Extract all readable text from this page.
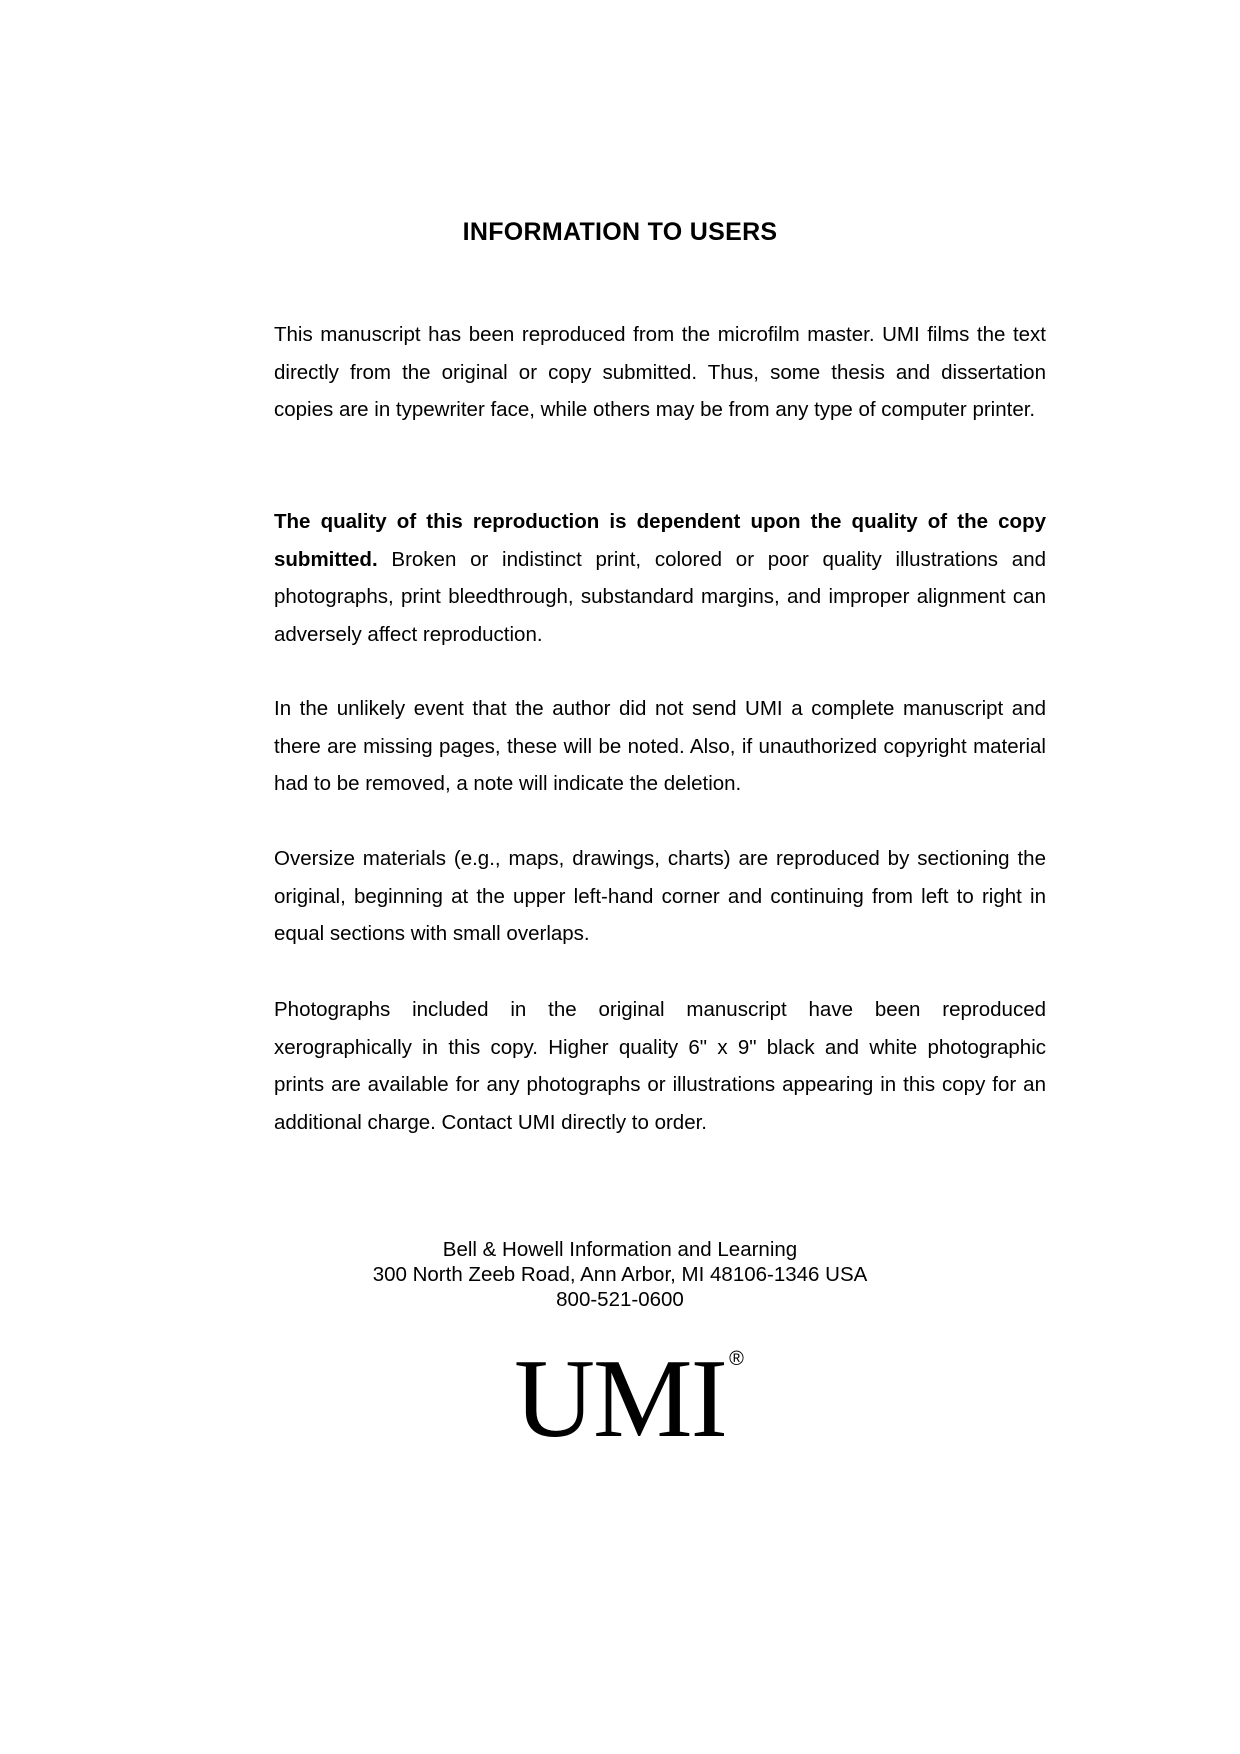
INFORMATION TO USERS

This manuscript has been reproduced from the microfilm master. UMI films the text directly from the original or copy submitted. Thus, some thesis and dissertation copies are in typewriter face, while others may be from any type of computer printer.

The quality of this reproduction is dependent upon the quality of the copy submitted. Broken or indistinct print, colored or poor quality illustrations and photographs, print bleedthrough, substandard margins, and improper alignment can adversely affect reproduction.

In the unlikely event that the author did not send UMI a complete manuscript and there are missing pages, these will be noted. Also, if unauthorized copyright material had to be removed, a note will indicate the deletion.

Oversize materials (e.g., maps, drawings, charts) are reproduced by sectioning the original, beginning at the upper left-hand corner and continuing from left to right in equal sections with small overlaps.

Photographs included in the original manuscript have been reproduced xerographically in this copy. Higher quality 6" x 9" black and white photographic prints are available for any photographs or illustrations appearing in this copy for an additional charge. Contact UMI directly to order.

Bell & Howell Information and Learning
300 North Zeeb Road, Ann Arbor, MI 48106-1346 USA
800-521-0600
UMI ®
